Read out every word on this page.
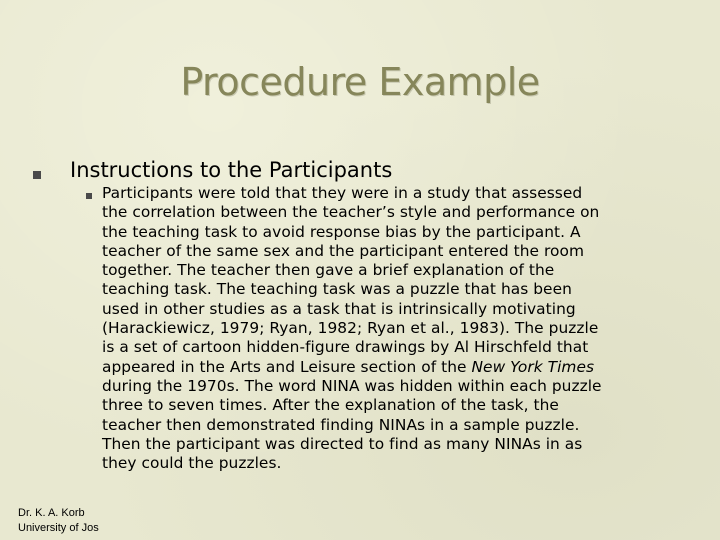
Procedure Example
Instructions to the Participants
Participants were told that they were in a study that assessed
the correlation between the teacher’s style and performance on
the teaching task to avoid response bias by the participant. A
teacher of the same sex and the participant entered the room
together. The teacher then gave a brief explanation of the
teaching task. The teaching task was a puzzle that has been
used in other studies as a task that is intrinsically motivating
(Harackiewicz, 1979; Ryan, 1982; Ryan et al., 1983). The puzzle
is a set of cartoon hidden-figure drawings by Al Hirschfeld that
appeared in the Arts and Leisure section of the New York Times
during the 1970s. The word NINA was hidden within each puzzle
three to seven times. After the explanation of the task, the
teacher then demonstrated finding NINAs in a sample puzzle.
Then the participant was directed to find as many NINAs in as
they could the puzzles.
Dr. K. A. Korb
University of Jos
